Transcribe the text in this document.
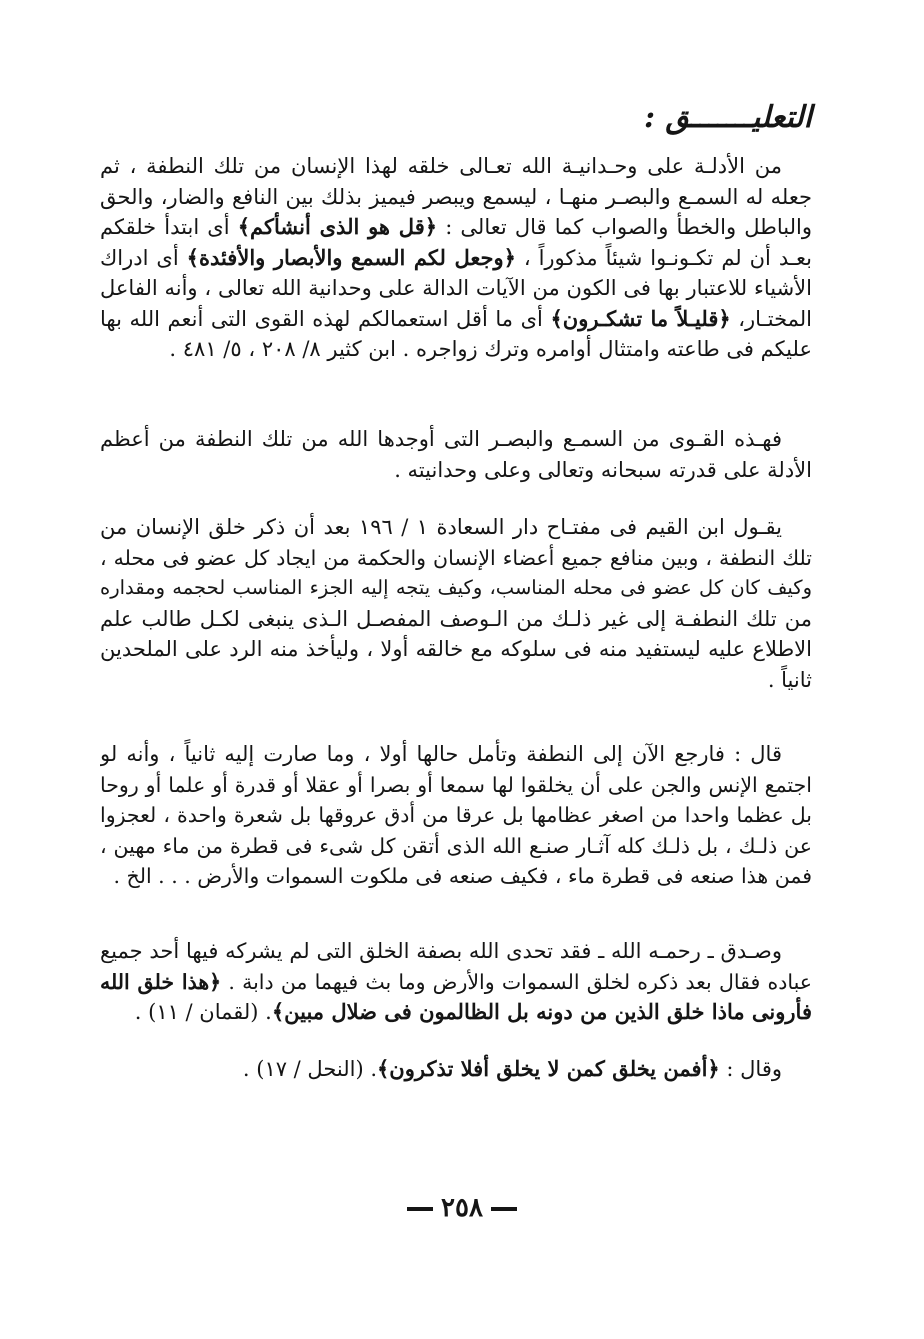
التعليـــــــق :
من الأدلـة على وحـدانيـة الله تعـالى خلقه لهذا الإنسان من تلك النطفة ، ثم
جعله له السمـع والبصـر منهـا ، ليسمع ويبصر فيميز بذلك بين النافع والضار، والحق
والباطل والخطأ والصواب كما قال تعالى : ﴿قل هو الذى أنشأكم﴾ أى ابتدأ خلقكم
بعـد أن لم تكـونـوا شيئاً مذكوراً ، ﴿وجعل لكم السمع والأبصار والأفئدة﴾ أى ادراك
الأشياء للاعتبار بها فى الكون من الآيات الدالة على وحدانية الله تعالى ، وأنه الفاعل
المختـار، ﴿قليـلاً ما تشكـرون﴾ أى ما أقل استعمالكم لهذه القوى التى أنعم الله بها
عليكم فى طاعته وامتثال أوامره وترك زواجره . ابن كثير ٨/ ٢٠٨ ، ٥/ ٤٨١ .
فهـذه القـوى من السمـع والبصـر التى أوجدها الله من تلك النطفة من أعظم
الأدلة على قدرته سبحانه وتعالى وعلى وحدانيته .
يقـول ابن القيم فى مفتـاح دار السعادة ١ / ١٩٦ بعد أن ذكر خلق الإنسان من
تلك النطفة ، وبين منافع جميع أعضاء الإنسان والحكمة من ايجاد كل عضو فى محله ،
وكيف كان كل عضو فى محله المناسب، وكيف يتجه إليه الجزء المناسب لحجمه ومقداره
من تلك النطفـة إلى غير ذلـك من الـوصف المفصـل الـذى ينبغى لكـل طالب علم
الاطلاع عليه ليستفيد منه فى سلوكه مع خالقه أولا ، وليأخذ منه الرد على الملحدين
ثانياً .
قال : فارجع الآن إلى النطفة وتأمل حالها أولا ، وما صارت إليه ثانياً ، وأنه لو
اجتمع الإنس والجن على أن يخلقوا لها سمعا أو بصرا أو عقلا أو قدرة أو علما أو روحا
بل عظما واحدا من اصغر عظامها بل عرقا من أدق عروقها بل شعرة واحدة ، لعجزوا
عن ذلـك ، بل ذلـك كله آثـار صنـع الله الذى أتقن كل شىء فى قطرة من ماء مهين ،
فمن هذا صنعه فى قطرة ماء ، فكيف صنعه فى ملكوت السموات والأرض . . . الخ .
وصـدق ـ رحمـه الله ـ فقد تحدى الله بصفة الخلق التى لم يشركه فيها أحد جميع
عباده فقال بعد ذكره لخلق السموات والأرض وما بث فيهما من دابة . ﴿هذا خلق الله
فأرونى ماذا خلق الذين من دونه بل الظالمون فى ضلال مبين﴾. (لقمان / ١١) .
وقال : ﴿أفمن يخلق كمن لا يخلق أفلا تذكرون﴾. (النحل / ١٧) .
٢٥٨
